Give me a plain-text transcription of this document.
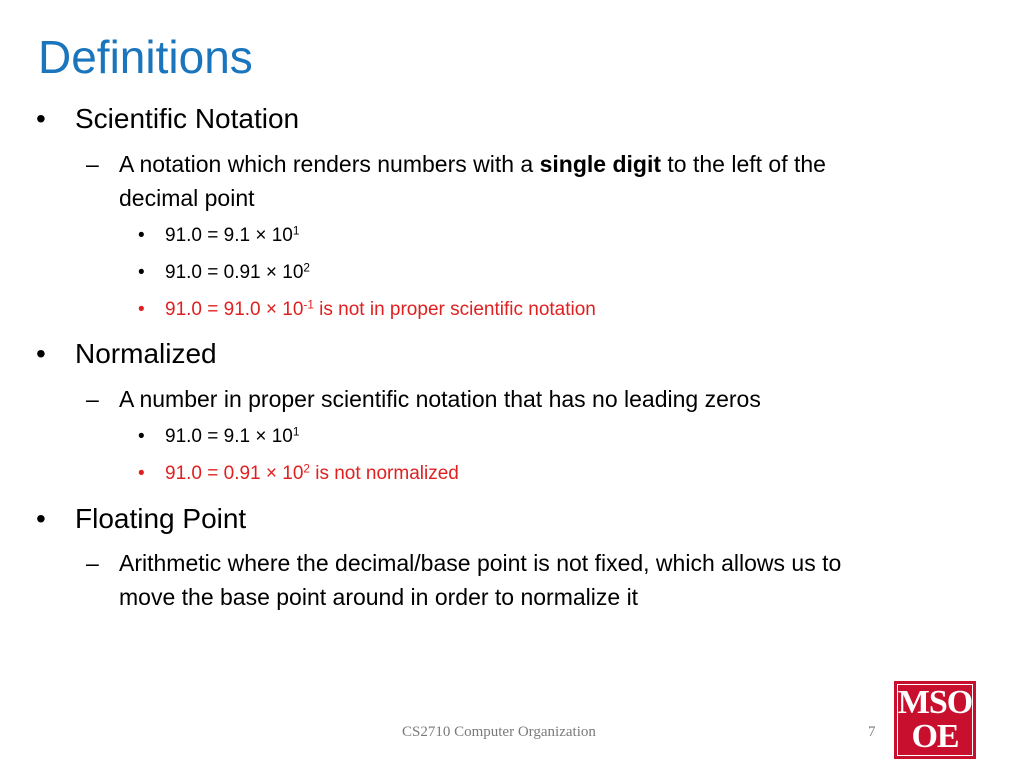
Definitions
• Scientific Notation
– A notation which renders numbers with a single digit to the left of the
decimal point
• $91.0 = 9.1 \times 10^1$
• $91.0 = 0.91 \times 10^2$
• $91.0 = 91.0 \times 10^{-1}$ is not in proper scientific notation
• Normalized
– A number in proper scientific notation that has no leading zeros
• $91.0 = 9.1 \times 10^1$
• $91.0 = 0.91 \times 10^2$ is not normalized
• Floating Point
– Arithmetic where the decimal/base point is not fixed, which allows us to
move the base point around in order to normalize it
CS2710 Computer Organization	7
MSO
OE
